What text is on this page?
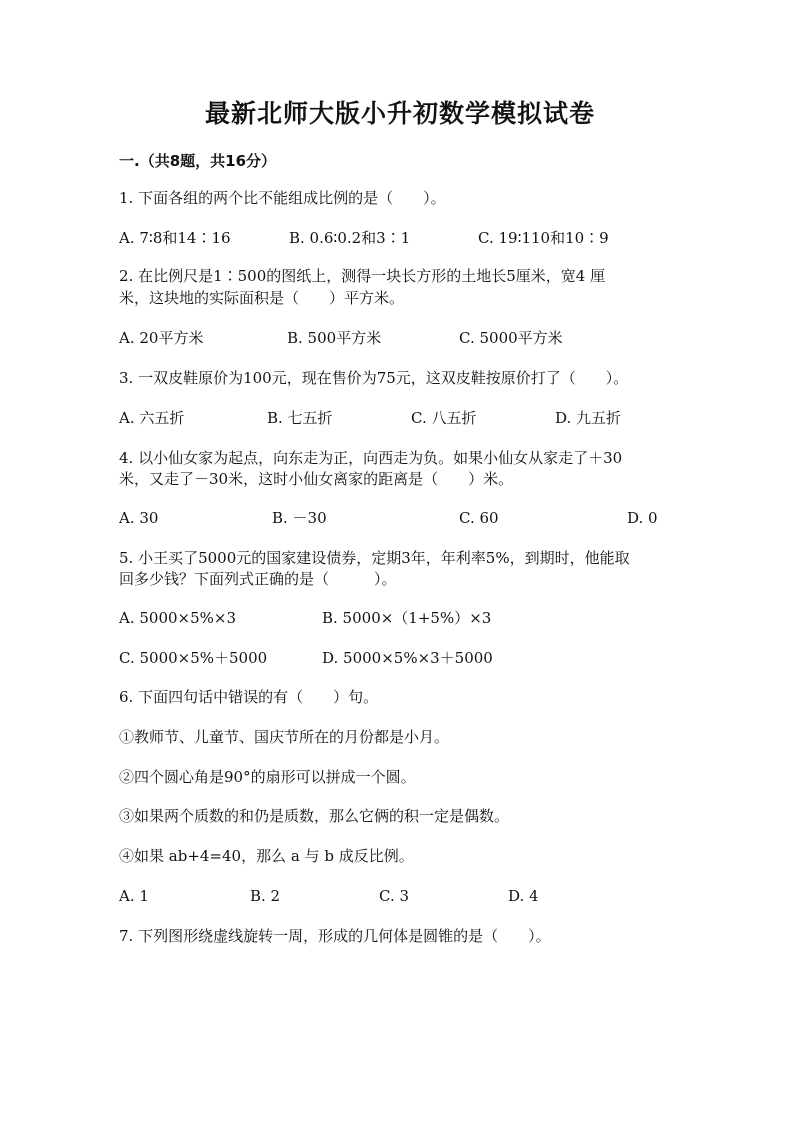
最新北师大版小升初数学模拟试卷
一.（共8题，共16分）
1. 下面各组的两个比不能组成比例的是（　　）。
A. 7∶8和14∶16	B. 0.6∶0.2和3∶1	C. 19∶110和10∶9
2. 在比例尺是1∶500的图纸上，测得一块长方形的土地长5厘米，宽4 厘
米，这块地的实际面积是（　　）平方米。
A. 20平方米	B. 500平方米	C. 5000平方米
3. 一双皮鞋原价为100元，现在售价为75元，这双皮鞋按原价打了（　　）。
A. 六五折	B. 七五折	C. 八五折	D. 九五折
4. 以小仙女家为起点，向东走为正，向西走为负。如果小仙女从家走了＋30
米，又走了－30米，这时小仙女离家的距离是（　　）米。
A. 30	B. －30	C. 60	D. 0
5. 小王买了5000元的国家建设债券，定期3年，年利率5%，到期时，他能取
回多少钱？下面列式正确的是（　　　）。
A. 5000×5%×3	B. 5000×（1+5%）×3
C. 5000×5%＋5000	D. 5000×5%×3＋5000
6. 下面四句话中错误的有（　　）句。
①教师节、儿童节、国庆节所在的月份都是小月。
②四个圆心角是90°的扇形可以拼成一个圆。
③如果两个质数的和仍是质数，那么它俩的积一定是偶数。
④如果 ab+4=40，那么 a 与 b 成反比例。
A. 1	B. 2	C. 3	D. 4
7. 下列图形绕虚线旋转一周，形成的几何体是圆锥的是（　　）。
